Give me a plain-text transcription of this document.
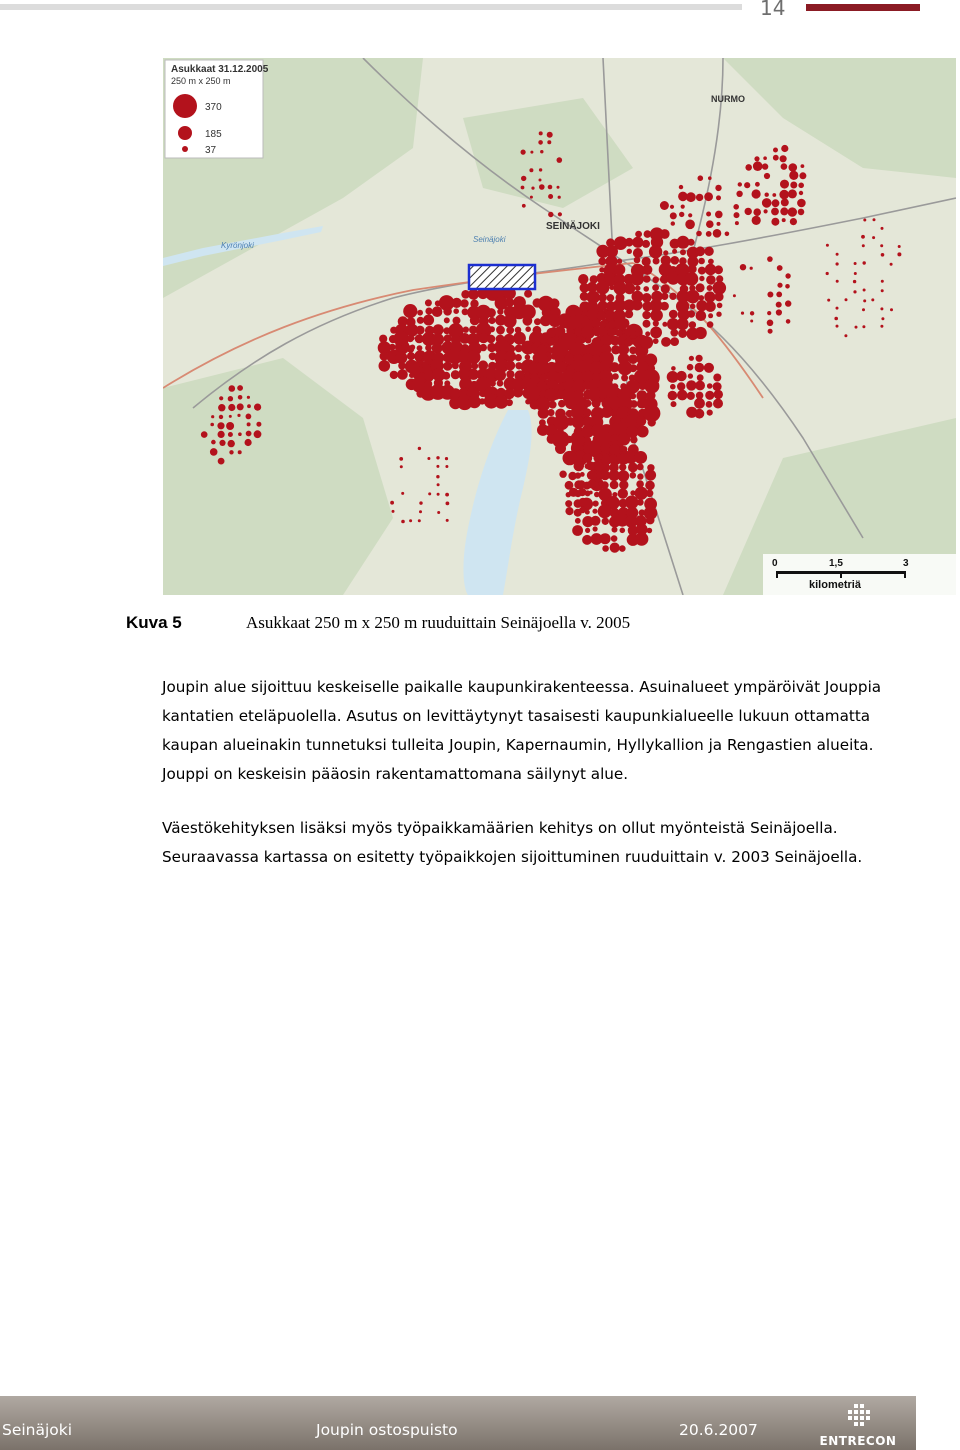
14
Asukkaat 31.12.2005
250 m x 250 m
370
185
37
SEINÄJOKI
NURMO
Seinäjoki
Kyrönjoki
0	1,5	3
kilometriä
Kuva 5	Asukkaat 250 m x 250 m ruuduittain Seinäjoella v. 2005

Joupin alue sijoittuu keskeiselle paikalle kaupunkirakenteessa. Asuinalueet ympäröivät Jouppia kantatien eteläpuolella. Asutus on levittäytynyt tasaisesti kaupunkialueelle lukuun ottamatta kaupan alueinakin tunnetuksi tulleita Joupin, Kapernaumin, Hyllykallion ja Rengastien alueita. Jouppi on keskeisin pääosin rakentamattomana säilynyt alue.

Väestökehityksen lisäksi myös työpaikkamäärien kehitys on ollut myönteistä Seinäjoella. Seuraavassa kartassa on esitetty työpaikkojen sijoittuminen ruuduittain v. 2003 Seinäjoella.

Seinäjoki	Joupin ostospuisto	20.6.2007
ENTRECON
